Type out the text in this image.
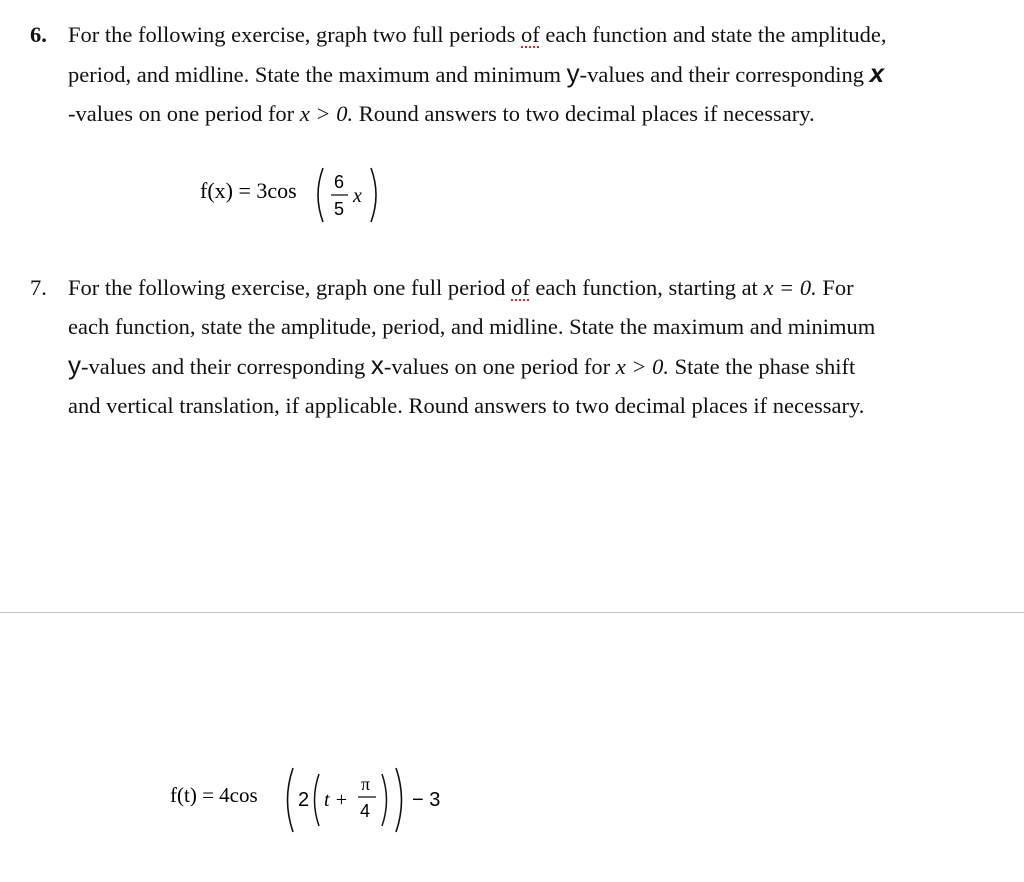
6. For the following exercise, graph two full periods of each function and state the amplitude,
period, and midline. State the maximum and minimum y-values and their corresponding x
-values on one period for x > 0. Round answers to two decimal places if necessary.
f(x) = 3cos 6
5
x
7. For the following exercise, graph one full period of each function, starting at x = 0. For
each function, state the amplitude, period, and midline. State the maximum and minimum
y-values and their corresponding x-values on one period for x > 0. State the phase shift
and vertical translation, if applicable. Round answers to two decimal places if necessary.
f(t) = 4cos 2 t +
π
4 − 3
